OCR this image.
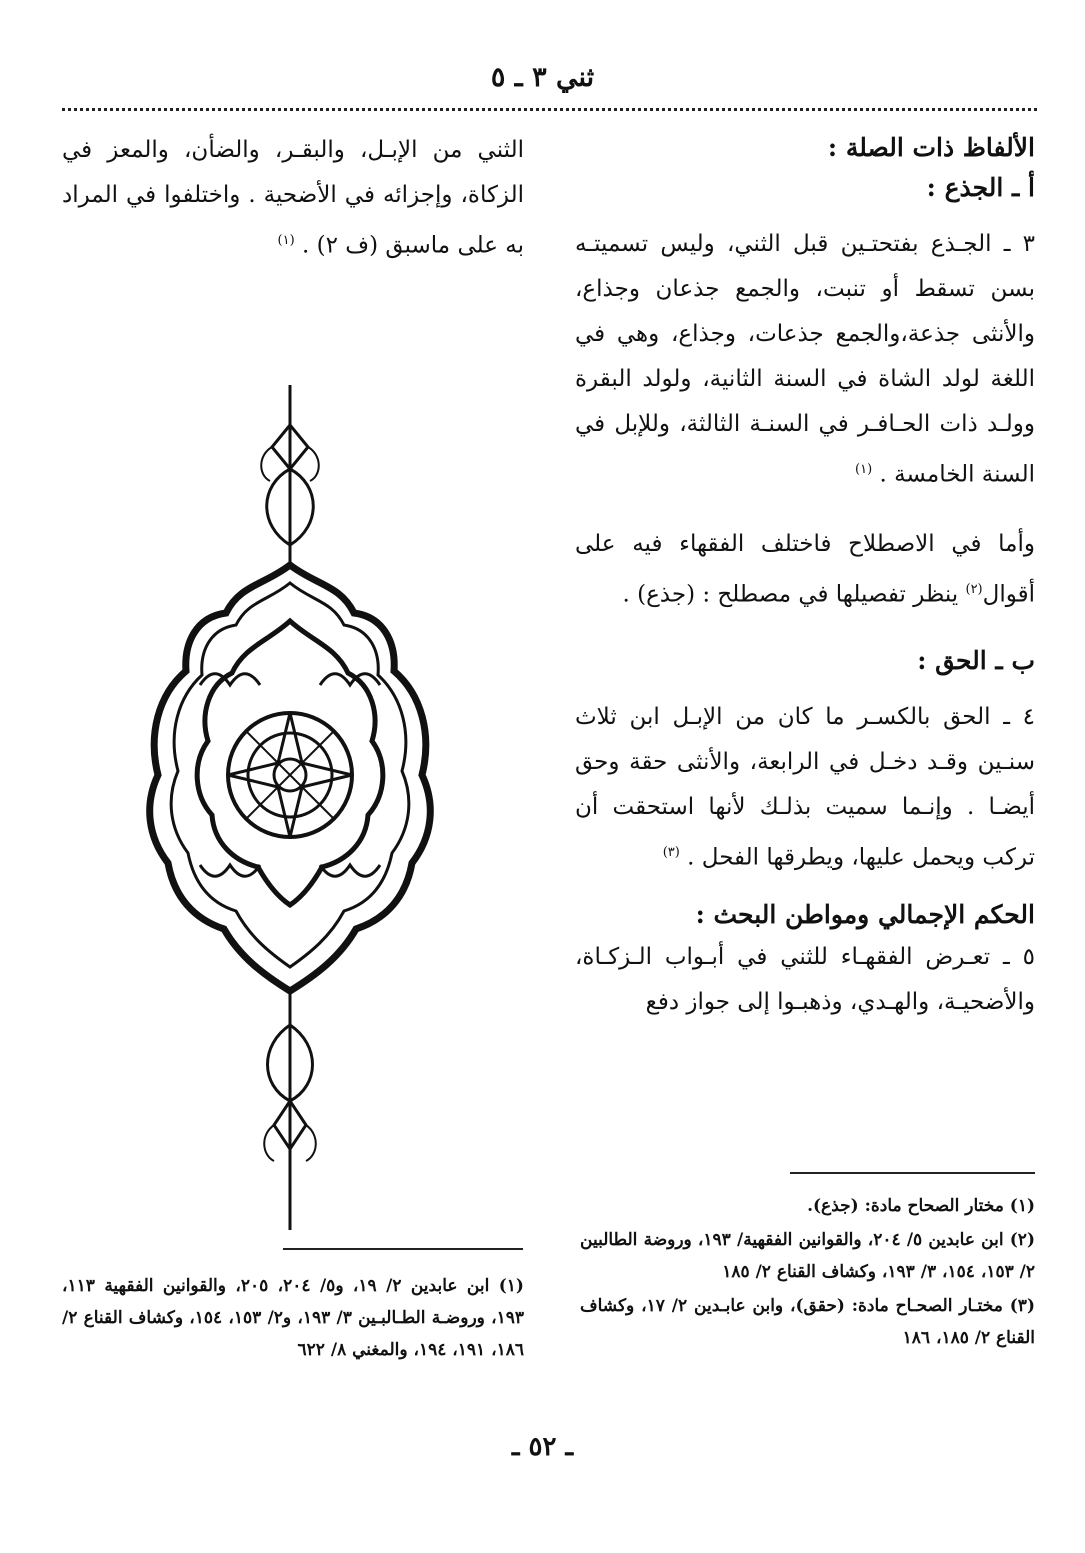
ثني ٣ ـ ٥

الألفاظ ذات الصلة :

أ ـ الجذع :

٣ ـ الجـذع بفتحتـين قبل الثني، وليس تسميتـه بسن تسقط أو تنبت، والجمع جذعان وجذاع، والأنثى جذعة،والجمع جذعات، وجذاع، وهي في اللغة لولد الشاة في السنة الثانية، ولولد البقرة وولـد ذات الحـافـر في السنـة الثالثة، وللإبل في السنة الخامسة . $^{(١)}$

وأما في الاصطلاح فاختلف الفقهاء فيه على أقوال$^{(٢)}$ ينظر تفصيلها في مصطلح : (جذع) .

ب ـ الحق :

٤ ـ الحق بالكسـر ما كان من الإبـل ابن ثلاث سنـين وقـد دخـل في الرابعة، والأنثى حقة وحق أيضـا . وإنـما سميت بذلـك لأنها استحقت أن تركب ويحمل عليها، ويطرقها الفحل . $^{(٣)}$

الحكم الإجمالي ومواطن البحث :

٥ ـ تعـرض الفقهـاء للثني في أبـواب الـزكـاة، والأضحيـة، والهـدي، وذهبـوا إلى جواز دفع

الثني من الإبـل، والبقـر، والضأن، والمعز في الزكاة، وإجزائه في الأضحية . واختلفوا في المراد به على ماسبق (ف ٢) . $^{(١)}$

(١) مختار الصحاح مادة: (جذع).

(٢) ابن عابدين ٥/ ٢٠٤، والقوانين الفقهية/ ١٩٣، وروضة الطالبين ٢/ ١٥٣، ١٥٤، ٣/ ١٩٣، وكشاف القناع ٢/ ١٨٥

(٣) مختـار الصحـاح مادة: (حقق)، وابن عابـدين ٢/ ١٧، وكشاف القناع ٢/ ١٨٥، ١٨٦

(١) ابن عابدين ٢/ ١٩، و٥/ ٢٠٤، ٢٠٥، والقوانين الفقهية ١١٣، ١٩٣، وروضـة الطـالبـين ٣/ ١٩٣، و٢/ ١٥٣، ١٥٤، وكشاف القناع ٢/ ١٨٦، ١٩١، ١٩٤، والمغني ٨/ ٦٢٢

ـ ٥٢ ـ
